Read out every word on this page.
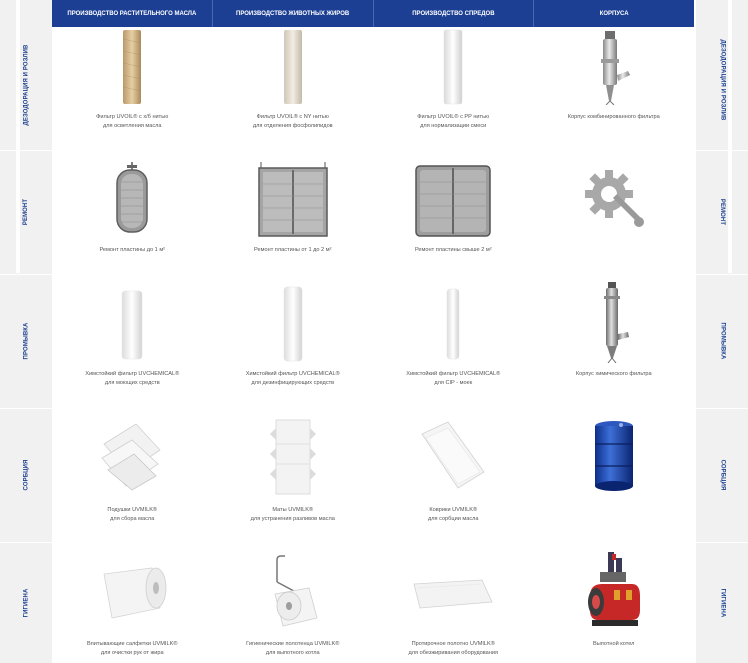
ДЕЗОДОРАЦИЯ И РОЗЛИВ
РЕМОНТ
ПРОМЫВКА
СОРБЦИЯ
ГИГИЕНА
ДЕЗОДОРАЦИЯ И РОЗЛИВ
РЕМОНТ
ПРОМЫВКА
СОРБЦИЯ
ГИГИЕНА
ПРОИЗВОДСТВО РАСТИТЕЛЬНОГО МАСЛА	ПРОИЗВОДСТВО ЖИВОТНЫХ ЖИРОВ	ПРОИЗВОДСТВО СПРЕДОВ	КОРПУСА
Фильтр UVOIL® с х/б нитью
для осветления масла
Фильтр UVOIL® с NY нитью
для отделения фосфолипидов
Фильтр UVOIL® с PP нитью
для нормализации смеси
Корпус комбинированного фильтра
Ремонт пластины до 1 м²	Ремонт пластины от 1 до 2 м²	Ремонт пластины свыше 2 м²
Химстойкий фильтр UVCHEMICAL®
для моющих средств
Химстойкий фильтр UVCHEMICAL®
для дезинфицирующих средств
Химстойкий фильтр UVCHEMICAL®
для CIP - моек
Корпус химического фильтра
Подушки UVMILK®
для сбора масла
Маты UVMILK®
для устранения разливов масла
Коврики UVMILK®
для сорбции масла
Впитывающие салфетки UVMILK®
для очистки рук от жира
Гигиенические полотенца UVMILK®
для выпотного котла
Протирочное полотно UVMILK®
для обезжиривания оборудования
Выпотной котел
